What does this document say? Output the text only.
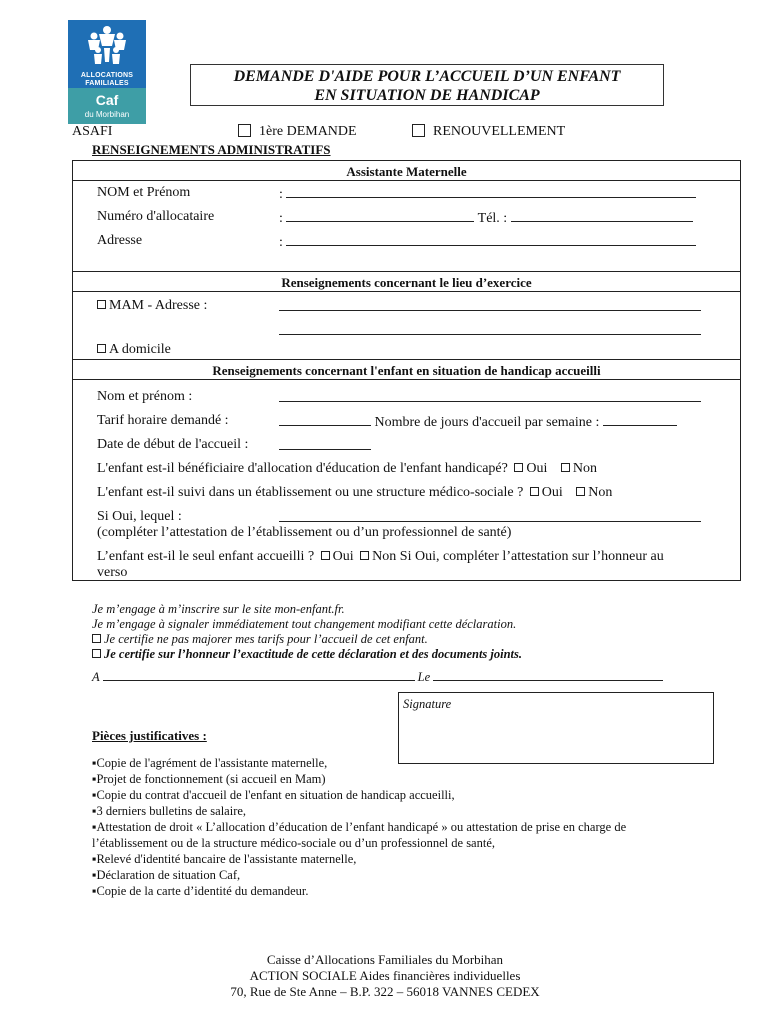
ALLOCATIONS
FAMILIALES
Caf
du Morbihan
DEMANDE D'AIDE POUR L’ACCUEIL D’UN ENFANT
EN SITUATION DE HANDICAP
ASAFI	1ère DEMANDE	RENOUVELLEMENT
RENSEIGNEMENTS ADMINISTRATIFS
Assistante Maternelle
NOM et Prénom	:
Numéro d'allocataire	:	Tél. :
Adresse	:
Renseignements concernant le lieu d’exercice
MAM - Adresse :
A domicile
Renseignements concernant l'enfant en situation de handicap accueilli
Nom et prénom :
Tarif horaire demandé :	Nombre de jours d'accueil par semaine :
Date de début de l'accueil :
L'enfant est-il bénéficiaire d'allocation d'éducation de l'enfant handicapé? Oui Non
L'enfant est-il suivi dans un établissement ou une structure médico-sociale ? Oui Non
Si Oui, lequel :
(compléter l’attestation de l’établissement ou d’un professionnel de santé)
L’enfant est-il le seul enfant accueilli ? Oui Non Si Oui, compléter l’attestation sur l’honneur au
verso
Je m’engage à m’inscrire sur le site mon-enfant.fr.
Je m’engage à signaler immédiatement tout changement modifiant cette déclaration.
Je certifie ne pas majorer mes tarifs pour l’accueil de cet enfant.
Je certifie sur l’honneur l’exactitude de cette déclaration et des documents joints.
A	Le
Signature
Pièces justificatives :
▪Copie de l'agrément de l'assistante maternelle,
▪Projet de fonctionnement (si accueil en Mam)
▪Copie du contrat d'accueil de l'enfant en situation de handicap accueilli,
▪3 derniers bulletins de salaire,
▪Attestation de droit « L’allocation d’éducation de l’enfant handicapé » ou attestation de prise en charge de
l’établissement ou de la structure médico-sociale ou d’un professionnel de santé,
▪Relevé d'identité bancaire de l'assistante maternelle,
▪Déclaration de situation Caf,
▪Copie de la carte d’identité du demandeur.
Caisse d’Allocations Familiales du Morbihan
ACTION SOCIALE Aides financières individuelles
70, Rue de Ste Anne – B.P. 322 – 56018 VANNES CEDEX
